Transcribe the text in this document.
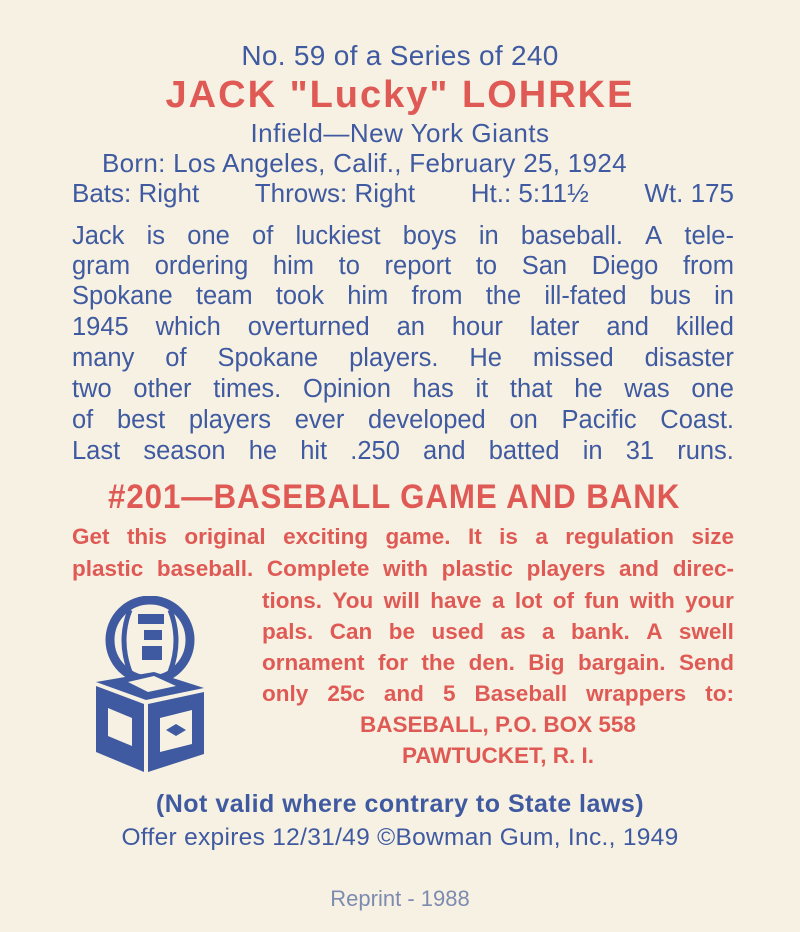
No. 59 of a Series of 240
JACK "Lucky" LOHRKE
Infield—New York Giants
Born: Los Angeles, Calif., February 25, 1924
Bats: Right Throws: Right Ht.: 5:11½ Wt. 175
Jack is one of luckiest boys in baseball. A tele-
gram ordering him to report to San Diego from
Spokane team took him from the ill-fated bus in
1945 which overturned an hour later and killed
many of Spokane players. He missed disaster
two other times. Opinion has it that he was one
of best players ever developed on Pacific Coast.
Last season he hit .250 and batted in 31 runs.
#201—BASEBALL GAME AND BANK
Get this original exciting game. It is a regulation size
plastic baseball. Complete with plastic players and direc-
tions. You will have a lot of fun with your
pals. Can be used as a bank. A swell
ornament for the den. Big bargain. Send
only 25c and 5 Baseball wrappers to:
BASEBALL, P.O. BOX 558
PAWTUCKET, R. I.
(Not valid where contrary to State laws)
Offer expires 12/31/49 ©Bowman Gum, Inc., 1949
Reprint - 1988
